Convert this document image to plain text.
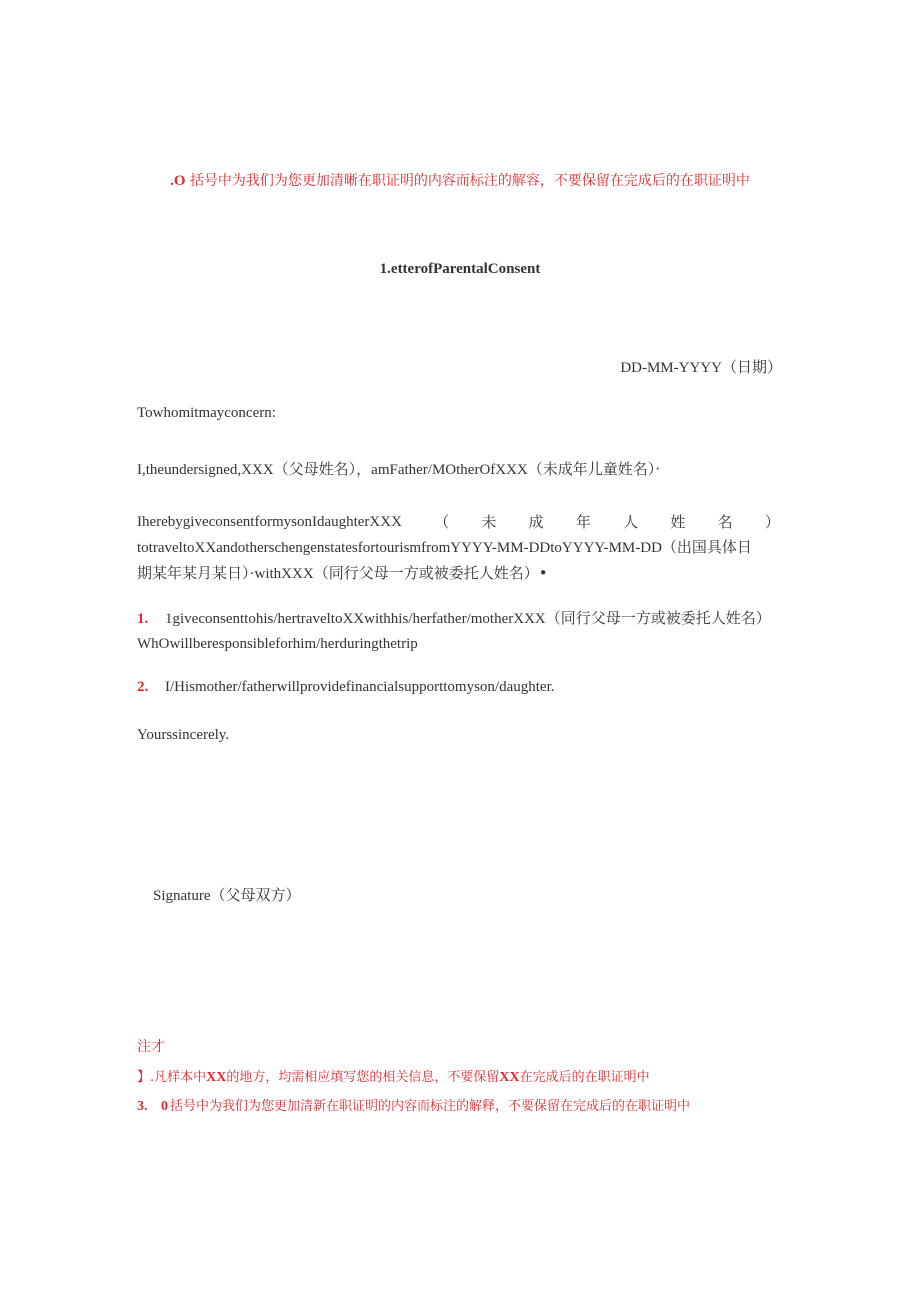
.O 括号中为我们为您更加清晰在职证明的内容而标注的解容，不要保留在完成后的在职证明中
1.etterofParentalConsent
DD-MM-YYYY（日期）
Towhomitmayconcern:
I,theundersigned,XXX（父母姓名），amFather/MOtherOfXXX（未成年儿童姓名）·
IherebygiveconsentformysonIdaughterXXX （ 未 成 年 人 姓 名 ）
totraveltoXXandotherschengenstatesfortourismfromYYYY-MM-DDtoYYYY-MM-DD（出国具体日
期某年某月某日）·withXXX（同行父母一方或被委托人姓名）•
1. 1giveconsenttohis/hertraveltoXXwithhis/herfather/motherXXX（同行父母一方或被委托人姓名）
WhOwillberesponsibleforhim/herduringthetrip
2. I/Hismother/fatherwillprovidefinancialsupporttomyson/daughter.
Yourssincerely.
Signature（父母双方）
注才
】.凡样本中XX的地方，均需相应填写您的相关信息，不要保留XX在完成后的在职证明中
3. 0 括号中为我们为您更加清新在职证明的内容而标注的解释，不要保留在完成后的在职证明中
